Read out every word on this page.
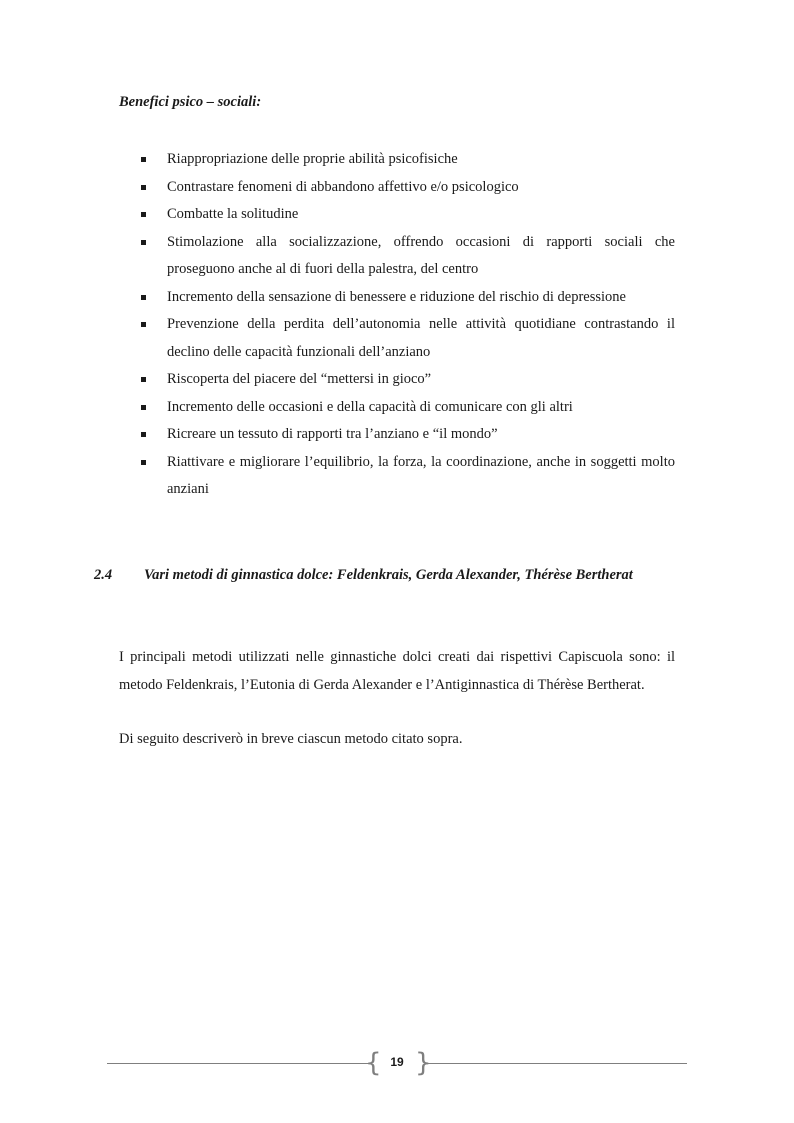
Benefici psico – sociali:

Riappropriazione delle proprie abilità psicofisiche
Contrastare fenomeni di abbandono affettivo e/o psicologico
Combatte la solitudine
Stimolazione alla socializzazione, offrendo occasioni di rapporti sociali che proseguono anche al di fuori della palestra, del centro
Incremento della sensazione di benessere e riduzione del rischio di depressione
Prevenzione della perdita dell’autonomia nelle attività quotidiane contrastando il declino delle capacità funzionali dell’anziano
Riscoperta del piacere del “mettersi in gioco”
Incremento delle occasioni e della capacità di comunicare con gli altri
Ricreare un tessuto di rapporti tra l’anziano e “il mondo”
Riattivare e migliorare l’equilibrio, la forza, la coordinazione, anche in soggetti molto anziani
2.4 Vari metodi di ginnastica dolce: Feldenkrais, Gerda Alexander, Thérèse Bertherat

I principali metodi utilizzati nelle ginnastiche dolci creati dai rispettivi Capiscuola sono: il metodo Feldenkrais, l’Eutonia di Gerda Alexander e l’Antiginnastica di Thérèse Bertherat.

Di seguito descriverò in breve ciascun metodo citato sopra.

{ 19 }
